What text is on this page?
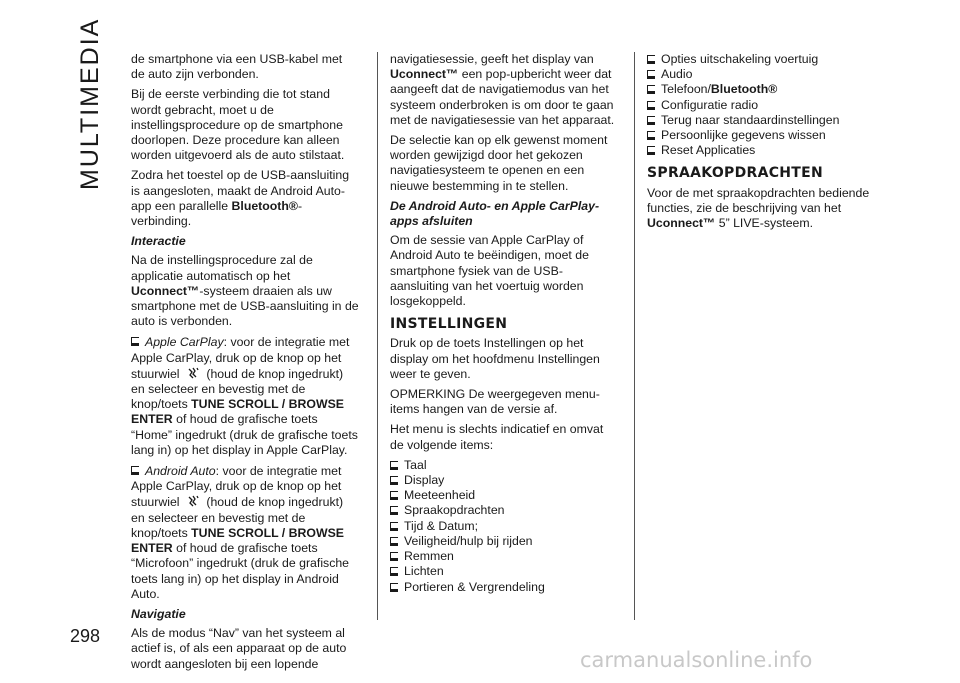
MULTIMEDIA
298

de smartphone via een USB-kabel met de auto zijn verbonden.

Bij de eerste verbinding die tot stand wordt gebracht, moet u de instellingsprocedure op de smartphone doorlopen. Deze procedure kan alleen worden uitgevoerd als de auto stilstaat.

Zodra het toestel op de USB-aansluiting is aangesloten, maakt de Android Auto-app een parallelle Bluetooth®-verbinding.

Interactie

Na de instellingsprocedure zal de applicatie automatisch op het Uconnect™-systeem draaien als uw smartphone met de USB-aansluiting in de auto is verbonden.

Apple CarPlay: voor de integratie met Apple CarPlay, druk op de knop op het stuurwiel (houd de knop ingedrukt) en selecteer en bevestig met de knop/toets TUNE SCROLL / BROWSE ENTER of houd de grafische toets “Home” ingedrukt (druk de grafische toets lang in) op het display in Apple CarPlay.

Android Auto: voor de integratie met Apple CarPlay, druk op de knop op het stuurwiel (houd de knop ingedrukt) en selecteer en bevestig met de knop/toets TUNE SCROLL / BROWSE ENTER of houd de grafische toets “Microfoon” ingedrukt (druk de grafische toets lang in) op het display in Android Auto.

Navigatie

Als de modus “Nav” van het systeem al actief is, of als een apparaat op de auto wordt aangesloten bij een lopende

navigatiesessie, geeft het display van Uconnect™ een pop-upbericht weer dat aangeeft dat de navigatiemodus van het systeem onderbroken is om door te gaan met de navigatiesessie van het apparaat.

De selectie kan op elk gewenst moment worden gewijzigd door het gekozen navigatiesysteem te openen en een nieuwe bestemming in te stellen.

De Android Auto- en Apple CarPlay-apps afsluiten

Om de sessie van Apple CarPlay of Android Auto te beëindigen, moet de smartphone fysiek van de USB-aansluiting van het voertuig worden losgekoppeld.

INSTELLINGEN

Druk op de toets Instellingen op het display om het hoofdmenu Instellingen weer te geven.

OPMERKING De weergegeven menu-items hangen van de versie af.

Het menu is slechts indicatief en omvat de volgende items:

Taal
Display
Meeteenheid
Spraakopdrachten
Tijd & Datum;
Veiligheid/hulp bij rijden
Remmen
Lichten
Portieren & Vergrendeling
Opties uitschakeling voertuig
Audio
Telefoon/Bluetooth®
Configuratie radio
Terug naar standaardinstellingen
Persoonlijke gegevens wissen
Reset Applicaties

SPRAAKOPDRACHTEN

Voor de met spraakopdrachten bediende functies, zie de beschrijving van het Uconnect™ 5” LIVE-systeem.

carmanualsonline.info
